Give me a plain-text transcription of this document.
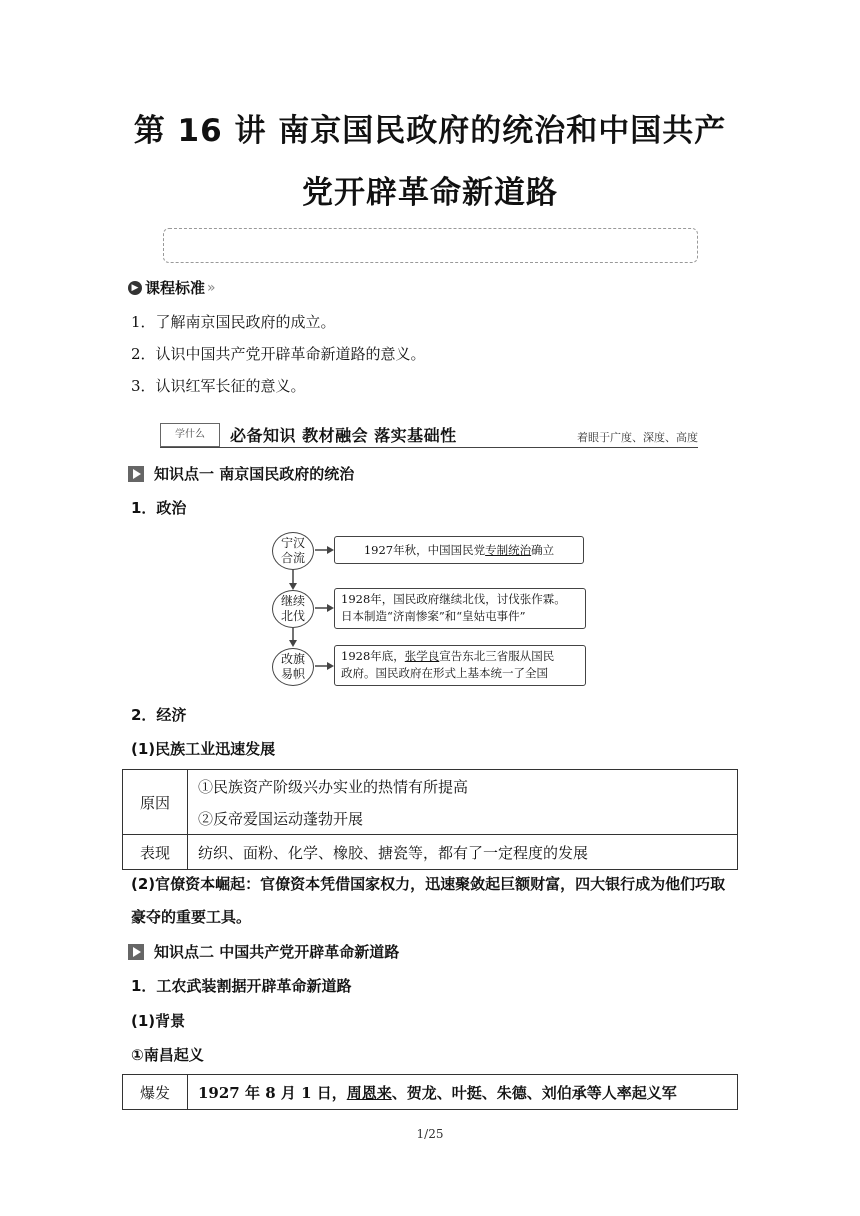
第 16 讲 南京国民政府的统治和中国共产
党开辟革命新道路
▶ 课程标准 »
1．了解南京国民政府的成立。
2．认识中国共产党开辟革命新道路的意义。
3．认识红军长征的意义。
学什么	必备知识 教材融会 落实基础性	着眼于广度、深度、高度
知识点一 南京国民政府的统治
1．政治
宁汉
合流
继续
北伐
改旗
易帜
1927年秋，中国国民党专制统治确立
1928年，国民政府继续北伐，讨伐张作霖。
日本制造“济南惨案”和“皇姑屯事件”
1928年底，张学良宣告东北三省服从国民
政府。国民政府在形式上基本统一了全国
2．经济
(1)民族工业迅速发展
原因	①民族资产阶级兴办实业的热情有所提高
	②反帝爱国运动蓬勃开展
表现	纺织、面粉、化学、橡胶、搪瓷等，都有了一定程度的发展
(2)官僚资本崛起：官僚资本凭借国家权力，迅速聚敛起巨额财富，四大银行成为他们巧取豪夺的重要工具。
知识点二 中国共产党开辟革命新道路
1．工农武装割据开辟革命新道路
(1)背景
①南昌起义
爆发	1927 年 8 月 1 日，周恩来、贺龙、叶挺、朱德、刘伯承等人率起义军
1/25
